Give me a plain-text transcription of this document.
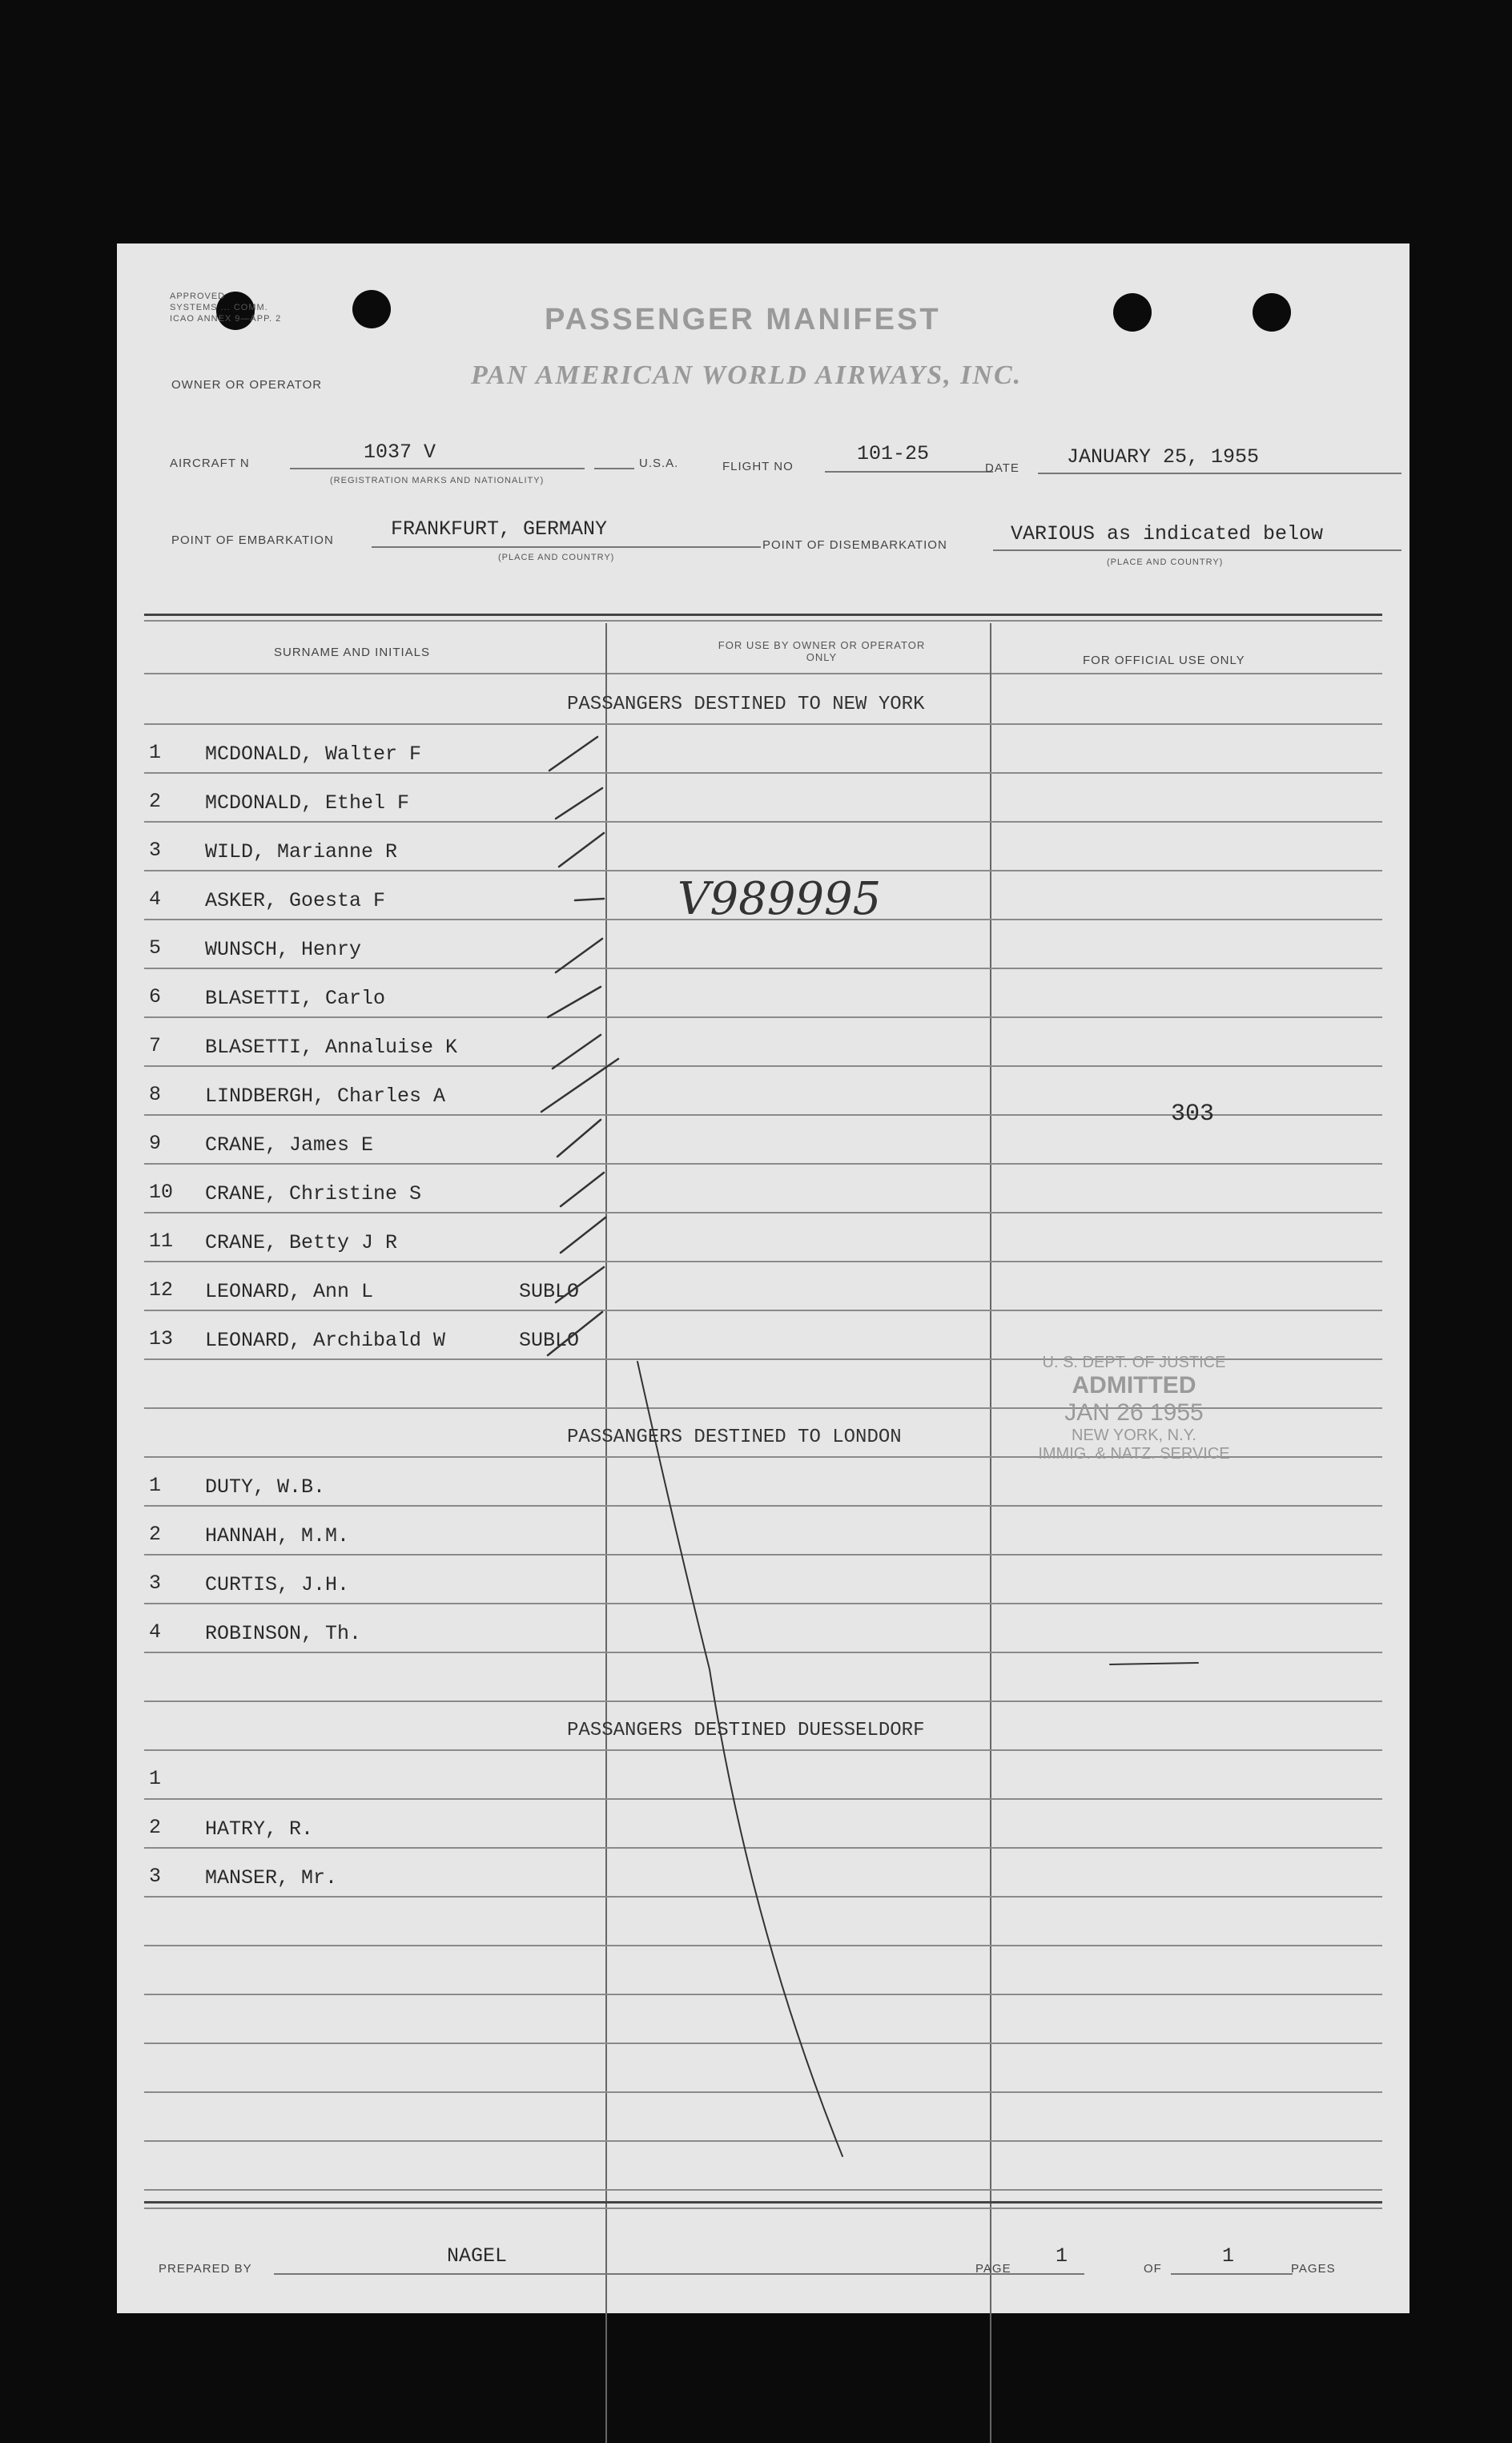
APPROVED
SYSTEMS ... COMM.
ICAO ANNEX 9—APP. 2	PASSENGER MANIFEST
OWNER OR OPERATOR	PAN AMERICAN WORLD AIRWAYS, INC.
AIRCRAFT N	1037 V
(REGISTRATION MARKS AND NATIONALITY)
U.S.A.	FLIGHT NO
101-25
DATE JANUARY 25, 1955
POINT OF EMBARKATION	FRANKFURT, GERMANY
(PLACE AND COUNTRY)
POINT OF DISEMBARKATION	VARIOUS as indicated below
(PLACE AND COUNTRY)
SURNAME AND INITIALS
FOR USE BY OWNER OR OPERATOR ONLY	FOR OFFICIAL USE ONLY
PASSANGERS DESTINED TO NEW YORK
1 MCDONALD, Walter F
2 MCDONALD, Ethel F
3 WILD, Marianne R
4 ASKER, Goesta F
5 WUNSCH, Henry
6 BLASETTI, Carlo
7 BLASETTI, Annaluise K
8 LINDBERGH, Charles A
9 CRANE, James E
10 CRANE, Christine S
11 CRANE, Betty J R
12 LEONARD, Ann L	SUBLO
13 LEONARD, Archibald W	SUBLO
PASSANGERS DESTINED TO LONDON
1 DUTY, W.B.
2 HANNAH, M.M.
3 CURTIS, J.H.
4 ROBINSON, Th.
PASSANGERS DESTINED DUESSELDORF
1
2 HATRY, R.
3 MANSER, Mr.
V989995
303
U. S. DEPT. OF JUSTICE
ADMITTED
JAN 26 1955
NEW YORK, N.Y.
IMMIG. & NATZ. SERVICE
PREPARED BY
NAGEL
PAGE
1
OF
1
PAGES
